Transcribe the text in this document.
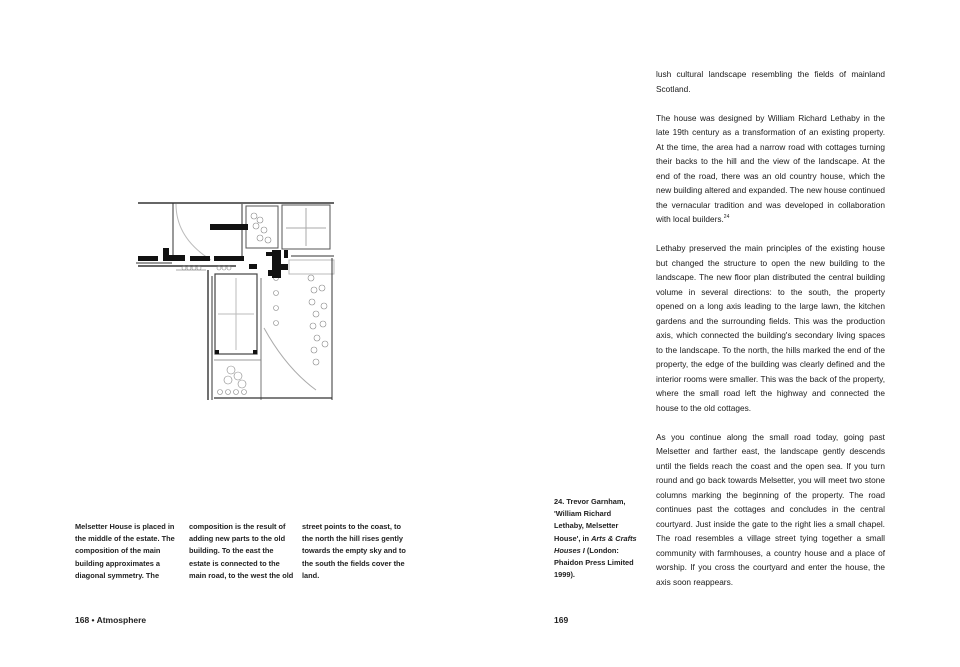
Melsetter House is placed in the middle of the estate. The composition of the main building approximates a diagonal symmetry. The
composition is the result of adding new parts to the old building. To the east the estate is connected to the main road, to the west the old
street points to the coast, to the north the hill rises gently towards the empty sky and to the south the fields cover the land.
168 • Atmosphere
24. Trevor Garnham, 'William Richard Lethaby, Melsetter House', in Arts & Crafts Houses I (London: Phaidon Press Limited 1999).

lush cultural landscape resembling the fields of mainland Scotland.

The house was designed by William Richard Lethaby in the late 19th century as a transformation of an existing property. At the time, the area had a narrow road with cottages turning their backs to the hill and the view of the landscape. At the end of the road, there was an old country house, which the new building altered and expanded. The new house continued the vernacular tradition and was developed in collaboration with local builders.$^{24}$

Lethaby preserved the main principles of the existing house but changed the structure to open the new building to the landscape. The new floor plan distributed the central building volume in several directions: to the south, the property opened on a long axis leading to the large lawn, the kitchen gardens and the surrounding fields. This was the production axis, which connected the building's secondary living spaces to the landscape. To the north, the hills marked the end of the property, the edge of the building was clearly defined and the interior rooms were smaller. This was the back of the property, where the small road left the highway and connected the house to the old cottages.

As you continue along the small road today, going past Melsetter and farther east, the landscape gently descends until the fields reach the coast and the open sea. If you turn round and go back towards Melsetter, you will meet two stone columns marking the beginning of the property. The road continues past the cottages and concludes in the central courtyard. Just inside the gate to the right lies a small chapel. The road resembles a village street tying together a small community with farmhouses, a country house and a place of worship. If you cross the courtyard and enter the house, the axis soon reappears.

169
